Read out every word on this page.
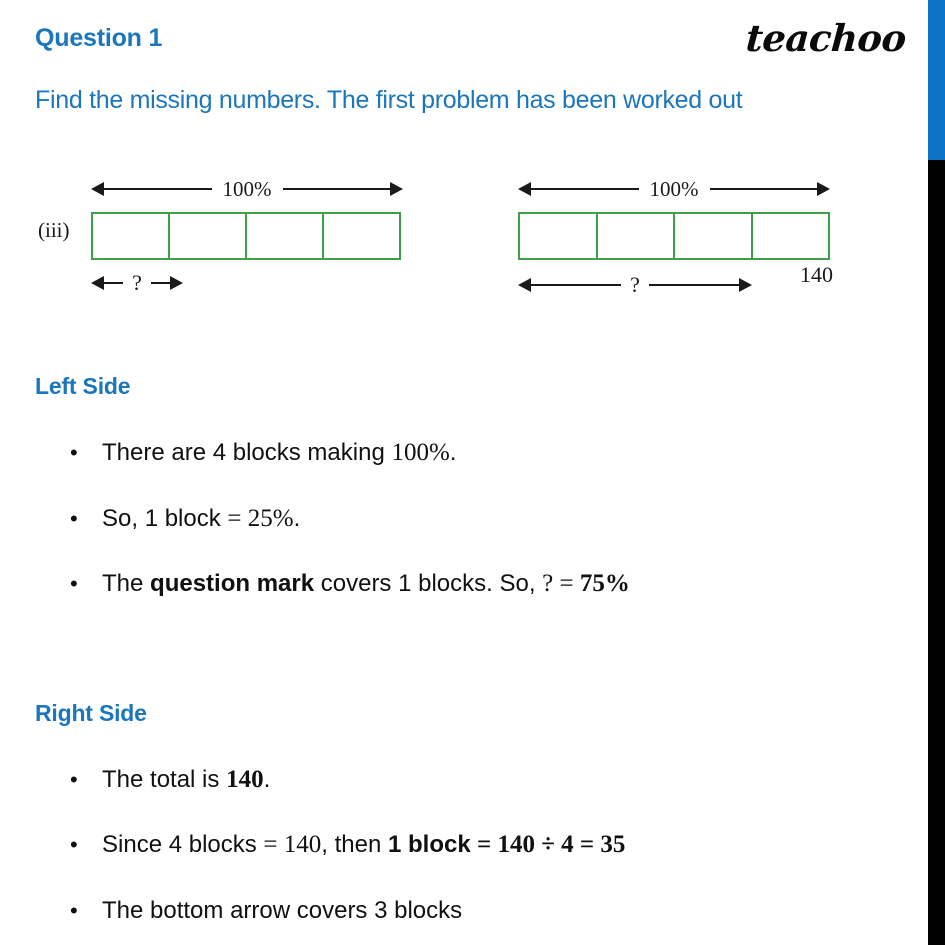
Question 1	teachoo
Find the missing numbers. The first problem has been worked out
(iii)
100%
?
100%
?	140
Left Side
•	There are 4 blocks making 100%.
•	So, 1 block = 25%.
•	The question mark covers 1 blocks. So, ? = 75%
Right Side
•	The total is 140.
•	Since 4 blocks = 140, then 1 block = 140 ÷ 4 = 35
•	The bottom arrow covers 3 blocks
